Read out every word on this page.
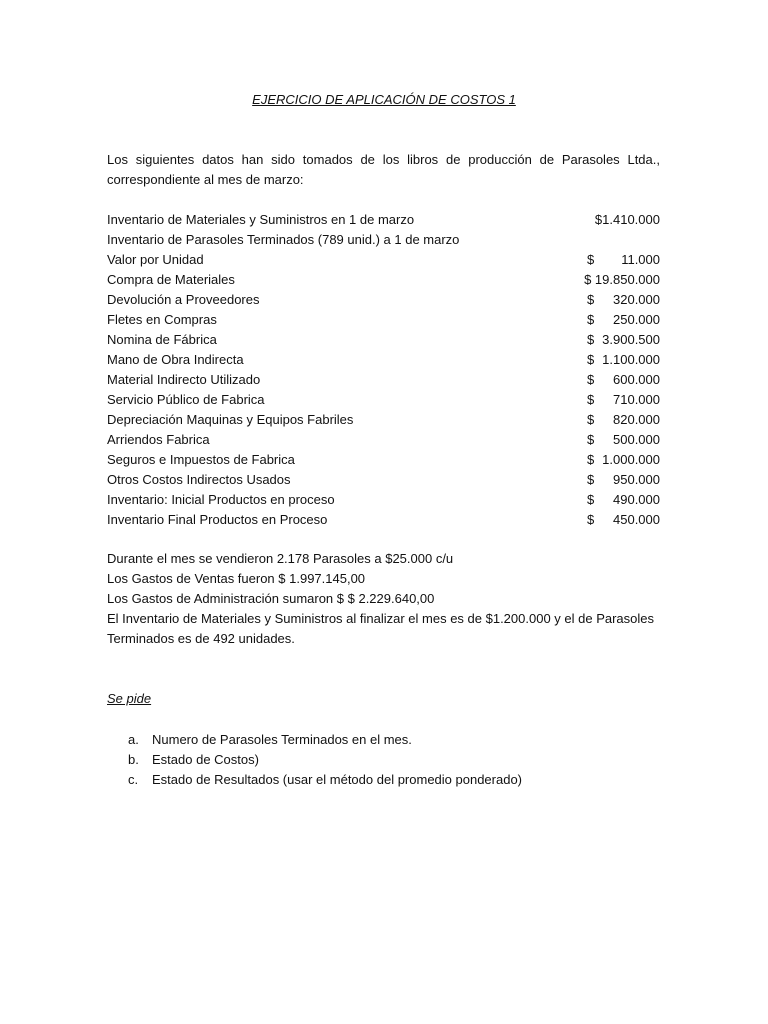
EJERCICIO DE APLICACIÓN DE COSTOS 1
Los siguientes datos han sido tomados de los libros de producción de Parasoles Ltda.,
correspondiente al mes de marzo:
Inventario de Materiales y Suministros en 1 de marzo	$1.410.000
Inventario de Parasoles Terminados (789 unid.) a 1 de marzo
Valor por Unidad	$ 11.000
Compra de Materiales	$ 19.850.000
Devolución a Proveedores	$ 320.000
Fletes en Compras	$ 250.000
Nomina de Fábrica	$ 3.900.500
Mano de Obra Indirecta	$ 1.100.000
Material Indirecto Utilizado	$ 600.000
Servicio Público de Fabrica	$ 710.000
Depreciación Maquinas y Equipos Fabriles	$ 820.000
Arriendos Fabrica	$ 500.000
Seguros e Impuestos de Fabrica	$ 1.000.000
Otros Costos Indirectos Usados	$ 950.000
Inventario: Inicial Productos en proceso	$ 490.000
Inventario Final Productos en Proceso	$ 450.000
Durante el mes se vendieron 2.178 Parasoles a $25.000 c/u
Los Gastos de Ventas fueron $ 1.997.145,00
Los Gastos de Administración sumaron $ $ 2.229.640,00
El Inventario de Materiales y Suministros al finalizar el mes es de $1.200.000 y el de Parasoles Terminados es de 492 unidades.
Se pide
a. Numero de Parasoles Terminados en el mes.
b. Estado de Costos)
c. Estado de Resultados (usar el método del promedio ponderado)
